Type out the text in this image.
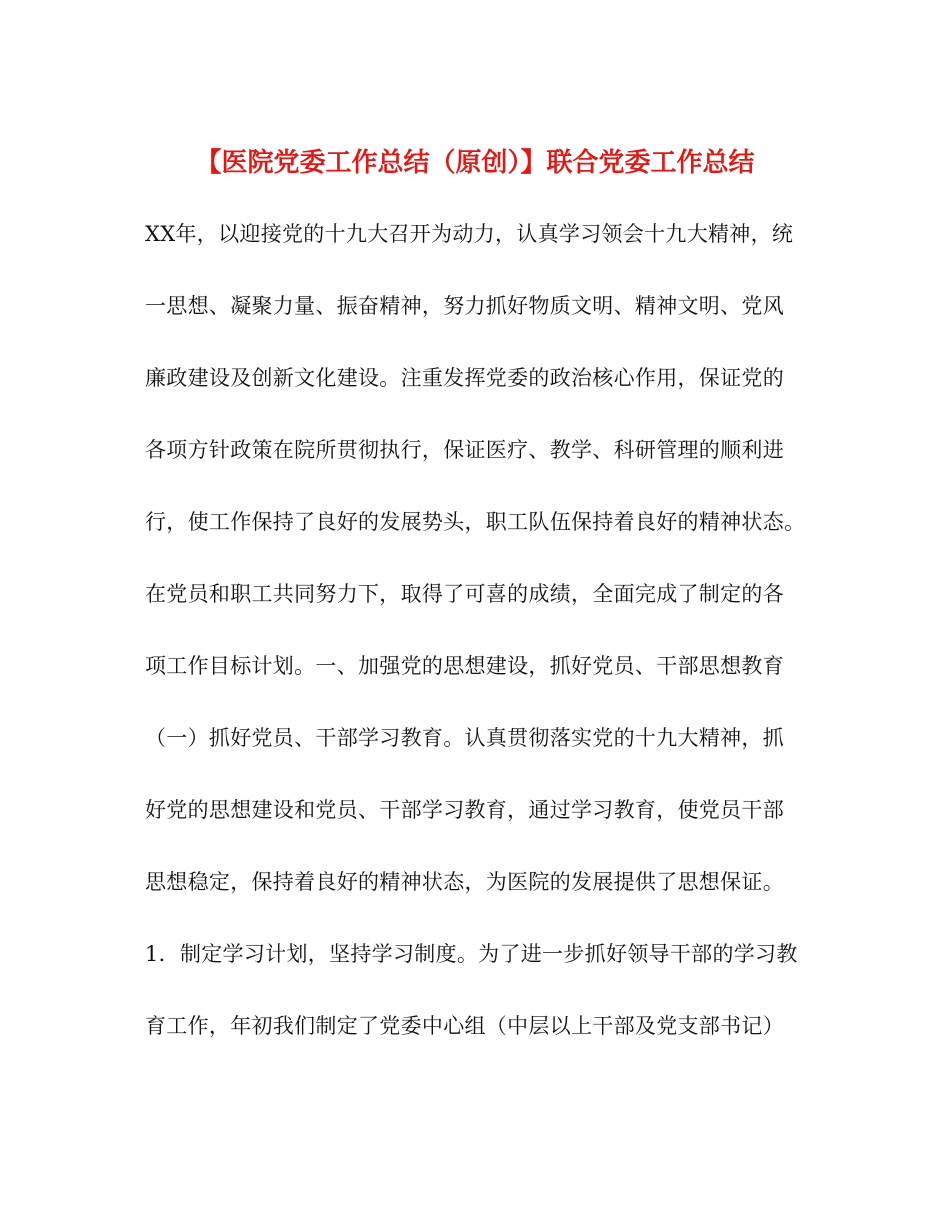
【医院党委工作总结（原创）】联合党委工作总结
XX年，以迎接党的十九大召开为动力，认真学习领会十九大精神，统
一思想、凝聚力量、振奋精神，努力抓好物质文明、精神文明、党风
廉政建设及创新文化建设。注重发挥党委的政治核心作用，保证党的
各项方针政策在院所贯彻执行，保证医疗、教学、科研管理的顺利进
行，使工作保持了良好的发展势头，职工队伍保持着良好的精神状态。
在党员和职工共同努力下，取得了可喜的成绩，全面完成了制定的各
项工作目标计划。一、加强党的思想建设，抓好党员、干部思想教育
（一）抓好党员、干部学习教育。认真贯彻落实党的十九大精神，抓
好党的思想建设和党员、干部学习教育，通过学习教育，使党员干部
思想稳定，保持着良好的精神状态，为医院的发展提供了思想保证。
1．制定学习计划，坚持学习制度。为了进一步抓好领导干部的学习教
育工作，年初我们制定了党委中心组（中层以上干部及党支部书记）
